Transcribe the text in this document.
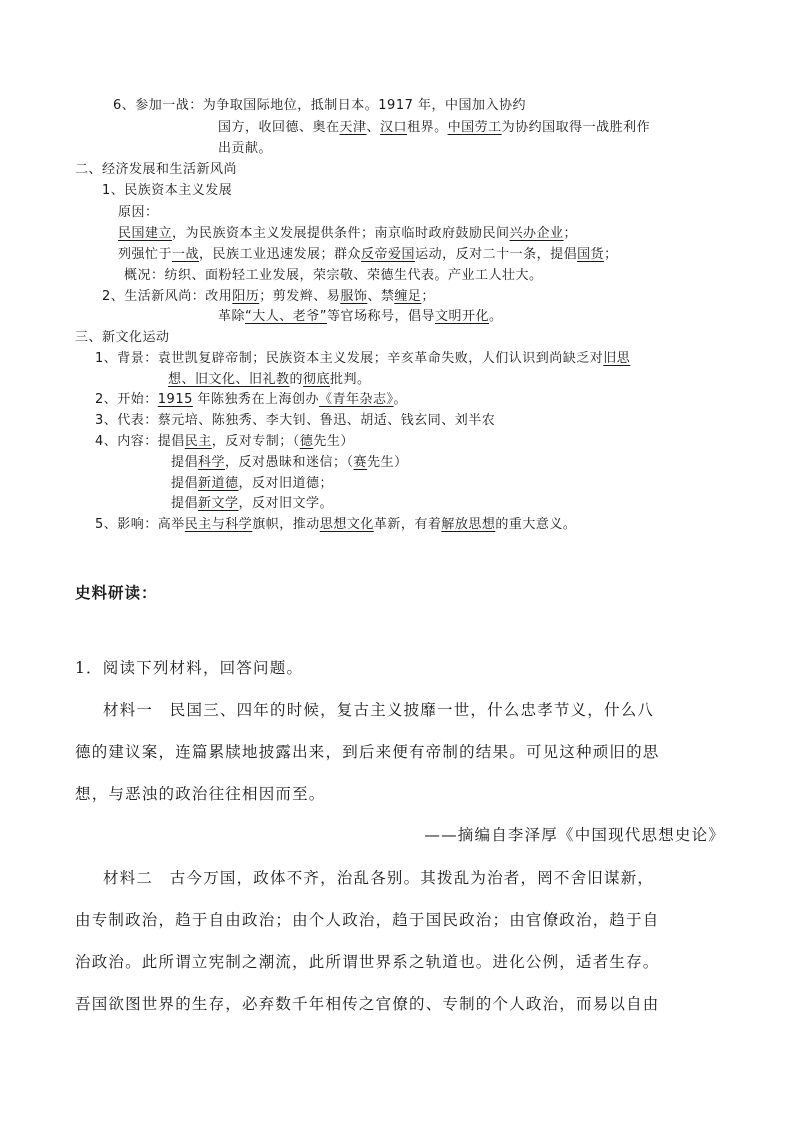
6、参加一战：为争取国际地位，抵制日本。1917 年，中国加入协约
国方，收回德、奥在天津、汉口租界。中国劳工为协约国取得一战胜利作
出贡献。
二、经济发展和生活新风尚
1、民族资本主义发展
原因：
民国建立，为民族资本主义发展提供条件；南京临时政府鼓励民间兴办企业；
列强忙于一战，民族工业迅速发展；群众反帝爱国运动，反对二十一条，提倡国货；
概况：纺织、面粉轻工业发展，荣宗敬、荣德生代表。产业工人壮大。
2、生活新风尚：改用阳历；剪发辫、易服饰、禁缠足；
革除“大人、老爷”等官场称号，倡导文明开化。
三、新文化运动
1、背景：袁世凯复辟帝制；民族资本主义发展；辛亥革命失败，人们认识到尚缺乏对旧思
想、旧文化、旧礼教的彻底批判。
2、开始：1915 年陈独秀在上海创办《青年杂志》。
3、代表：蔡元培、陈独秀、李大钊、鲁迅、胡适、钱玄同、刘半农
4、内容：提倡民主，反对专制；（德先生）
提倡科学，反对愚昧和迷信；（赛先生）
提倡新道德，反对旧道德；
提倡新文学，反对旧文学。
5、影响：高举民主与科学旗帜，推动思想文化革新，有着解放思想的重大意义。
史料研读：
1．阅读下列材料，回答问题。
材料一　民国三、四年的时候，复古主义披靡一世，什么忠孝节义，什么八
德的建议案，连篇累牍地披露出来，到后来便有帝制的结果。可见这种顽旧的思
想，与恶浊的政治往往相因而至。
——摘编自李泽厚《中国现代思想史论》
材料二　古今万国，政体不齐，治乱各别。其拨乱为治者，罔不舍旧谋新，
由专制政治，趋于自由政治；由个人政治，趋于国民政治；由官僚政治，趋于自
治政治。此所谓立宪制之潮流，此所谓世界系之轨道也。进化公例，适者生存。
吾国欲图世界的生存，必弃数千年相传之官僚的、专制的个人政治，而易以自由
